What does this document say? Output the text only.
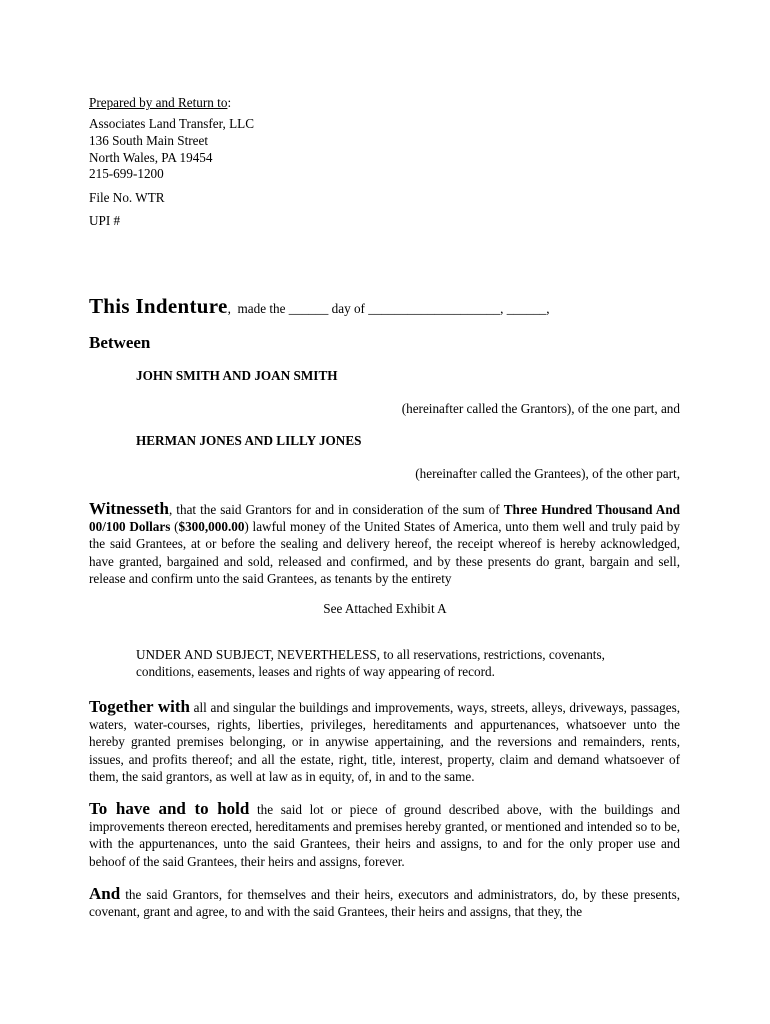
Prepared by and Return to:
Associates Land Transfer, LLC
136 South Main Street
North Wales, PA 19454
215-699-1200
File No. WTR
UPI #
This Indenture, made the ______ day of ____________________, ______,
Between
JOHN SMITH AND JOAN SMITH
(hereinafter called the Grantors), of the one part, and
HERMAN JONES AND LILLY JONES
(hereinafter called the Grantees), of the other part,
Witnesseth, that the said Grantors for and in consideration of the sum of Three Hundred Thousand And 00/100 Dollars ($300,000.00) lawful money of the United States of America, unto them well and truly paid by the said Grantees, at or before the sealing and delivery hereof, the receipt whereof is hereby acknowledged, have granted, bargained and sold, released and confirmed, and by these presents do grant, bargain and sell, release and confirm unto the said Grantees, as tenants by the entirety
See Attached Exhibit A
UNDER AND SUBJECT, NEVERTHELESS, to all reservations, restrictions, covenants,
conditions, easements, leases and rights of way appearing of record.
Together with all and singular the buildings and improvements, ways, streets, alleys, driveways, passages, waters, water-courses, rights, liberties, privileges, hereditaments and appurtenances, whatsoever unto the hereby granted premises belonging, or in anywise appertaining, and the reversions and remainders, rents, issues, and profits thereof; and all the estate, right, title, interest, property, claim and demand whatsoever of them, the said grantors, as well at law as in equity, of, in and to the same.
To have and to hold the said lot or piece of ground described above, with the buildings and improvements thereon erected, hereditaments and premises hereby granted, or mentioned and intended so to be, with the appurtenances, unto the said Grantees, their heirs and assigns, to and for the only proper use and behoof of the said Grantees, their heirs and assigns, forever.
And the said Grantors, for themselves and their heirs, executors and administrators, do, by these presents, covenant, grant and agree, to and with the said Grantees, their heirs and assigns, that they, the
